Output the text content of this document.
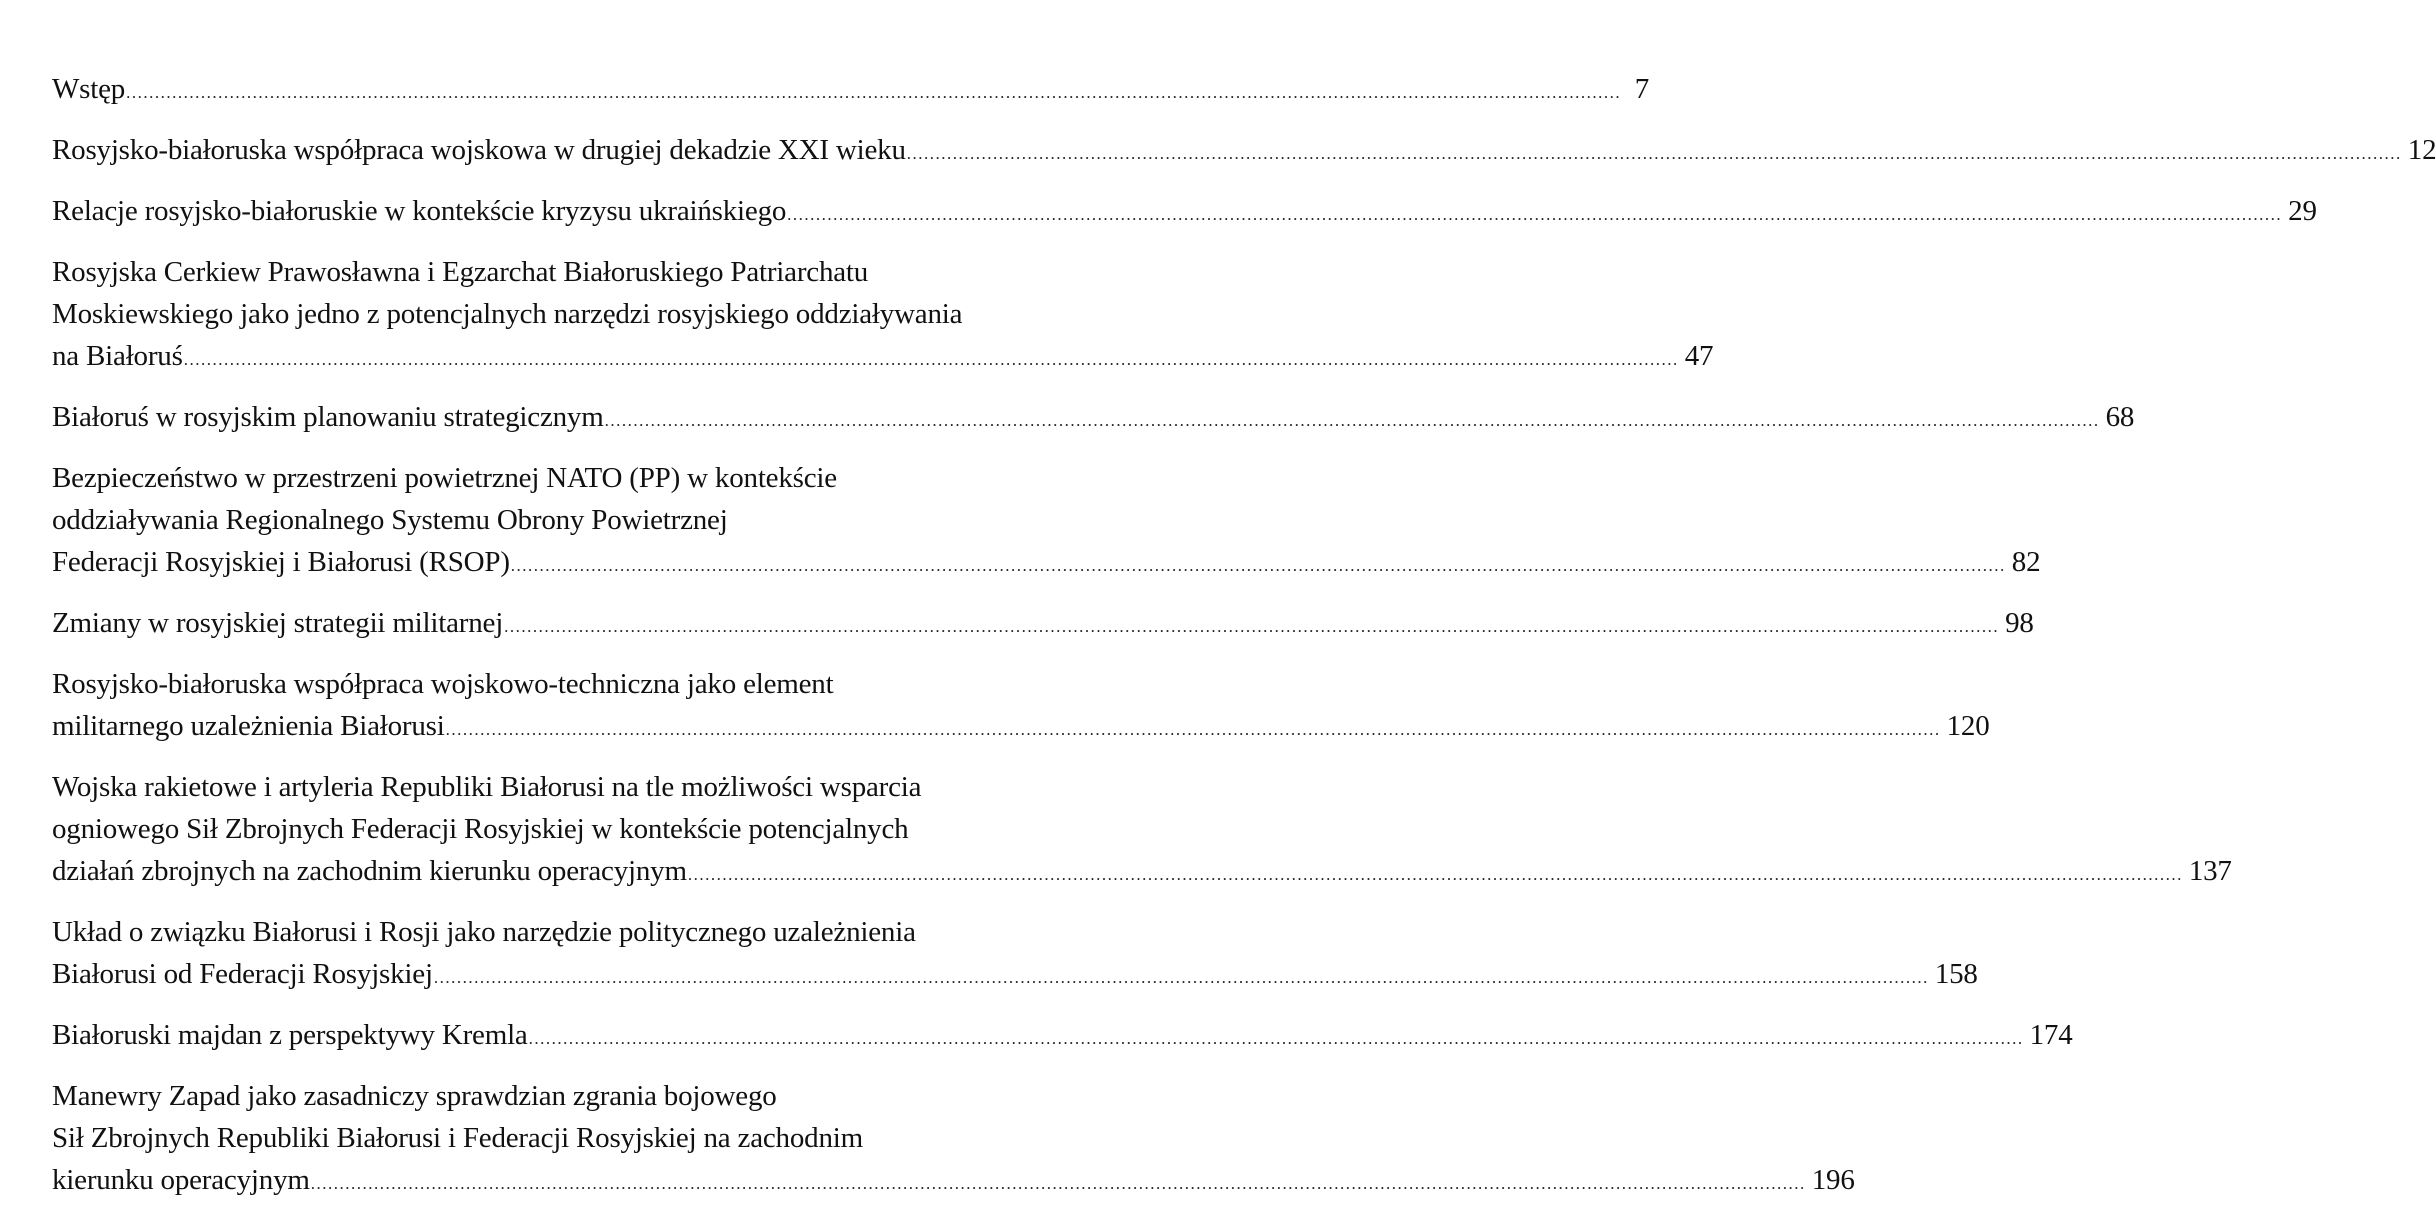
Wstęp .................................................................................................................................................................................................................................................................... 7
Rosyjsko-białoruska współpraca wojskowa w drugiej dekadzie XXI wieku .................................................................................................................................................................................................................................................................... 12
Relacje rosyjsko-białoruskie w kontekście kryzysu ukraińskiego .................................................................................................................................................................................................................................................................... 29
Rosyjska Cerkiew Prawosławna i Egzarchat Białoruskiego Patriarchatu
Moskiewskiego jako jedno z potencjalnych narzędzi rosyjskiego oddziaływania
na Białoruś .................................................................................................................................................................................................................................................................... 47
Białoruś w rosyjskim planowaniu strategicznym .................................................................................................................................................................................................................................................................... 68
Bezpieczeństwo w przestrzeni powietrznej NATO (PP) w kontekście
oddziaływania Regionalnego Systemu Obrony Powietrznej
Federacji Rosyjskiej i Białorusi (RSOP) .................................................................................................................................................................................................................................................................... 82
Zmiany w rosyjskiej strategii militarnej .................................................................................................................................................................................................................................................................... 98
Rosyjsko-białoruska współpraca wojskowo-techniczna jako element
militarnego uzależnienia Białorusi .................................................................................................................................................................................................................................................................... 120
Wojska rakietowe i artyleria Republiki Białorusi na tle możliwości wsparcia
ogniowego Sił Zbrojnych Federacji Rosyjskiej w kontekście potencjalnych
działań zbrojnych na zachodnim kierunku operacyjnym .................................................................................................................................................................................................................................................................... 137
Układ o związku Białorusi i Rosji jako narzędzie politycznego uzależnienia
Białorusi od Federacji Rosyjskiej .................................................................................................................................................................................................................................................................... 158
Białoruski majdan z perspektywy Kremla .................................................................................................................................................................................................................................................................... 174
Manewry Zapad jako zasadniczy sprawdzian zgrania bojowego
Sił Zbrojnych Republiki Białorusi i Federacji Rosyjskiej na zachodnim
kierunku operacyjnym .................................................................................................................................................................................................................................................................... 196
